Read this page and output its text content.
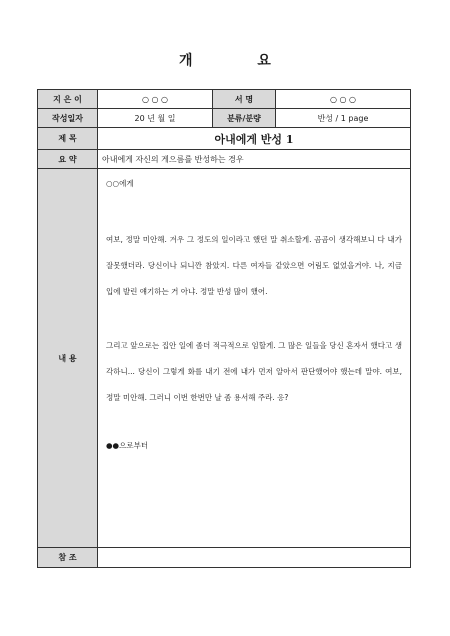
개 요
지 은 이	○ ○ ○	서 명	○ ○ ○
작성일자	20 년 월 일	분류/분량	반성 / 1 page
제 목	아내에게 반성 1		
요 약	아내에게 자신의 게으름를 반성하는 경우		
내 용	○○에게

여보, 정말 미안해. 겨우 그 정도의 일이라고 했던 말 취소할게. 곰곰이 생각해보니 다 내가 잘못했더라. 당신이나 되니깐 참았지. 다른 여자들 같았으면 어림도 없었을거야. 나, 지금 입에 발린 얘기하는 거 아냐. 정말 반성 많이 했어.

그리고 앞으로는 집안 일에 좀더 적극적으로 임할게. 그 많은 일들을 당신 혼자서 했다고 생각하니... 당신이 그렇게 화를 내기 전에 내가 먼저 알아서 판단했어야 했는데 말야. 여보, 정말 미안해. 그러니 이번 한번만 날 좀 용서해 주라. 응?

●●으로부터		

참 조			
